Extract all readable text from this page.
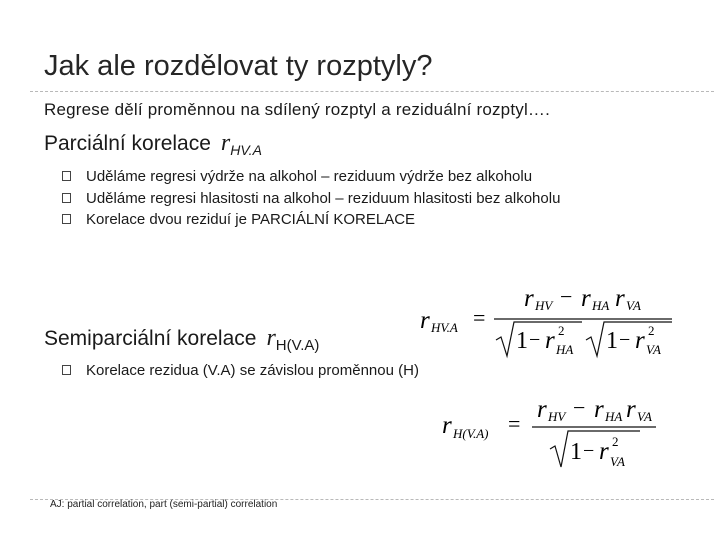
Jak ale rozdělovat ty rozptyly?
Regrese dělí proměnnou na sdílený rozptyl a reziduální rozptyl….
Parciální korelace $r_{HV.A}$
Uděláme regresi výdrže na alkohol – reziduum výdrže bez alkoholu
Uděláme regresi hlasitosti na alkohol – reziduum hlasitosti bez alkoholu
Korelace dvou reziduí je PARCIÁLNÍ KORELACE
r HV.A =
r HV − r HA r VA
1 − r 2
HA 1 − r 2
VA
Semiparciální korelace $r_{H(V.A)}$
Korelace rezidua (V.A) se závislou proměnnou (H)
r H(V.A) =
r HV − r HA r VA
1 − r 2
VA
AJ: partial correlation, part (semi-partial) correlation
